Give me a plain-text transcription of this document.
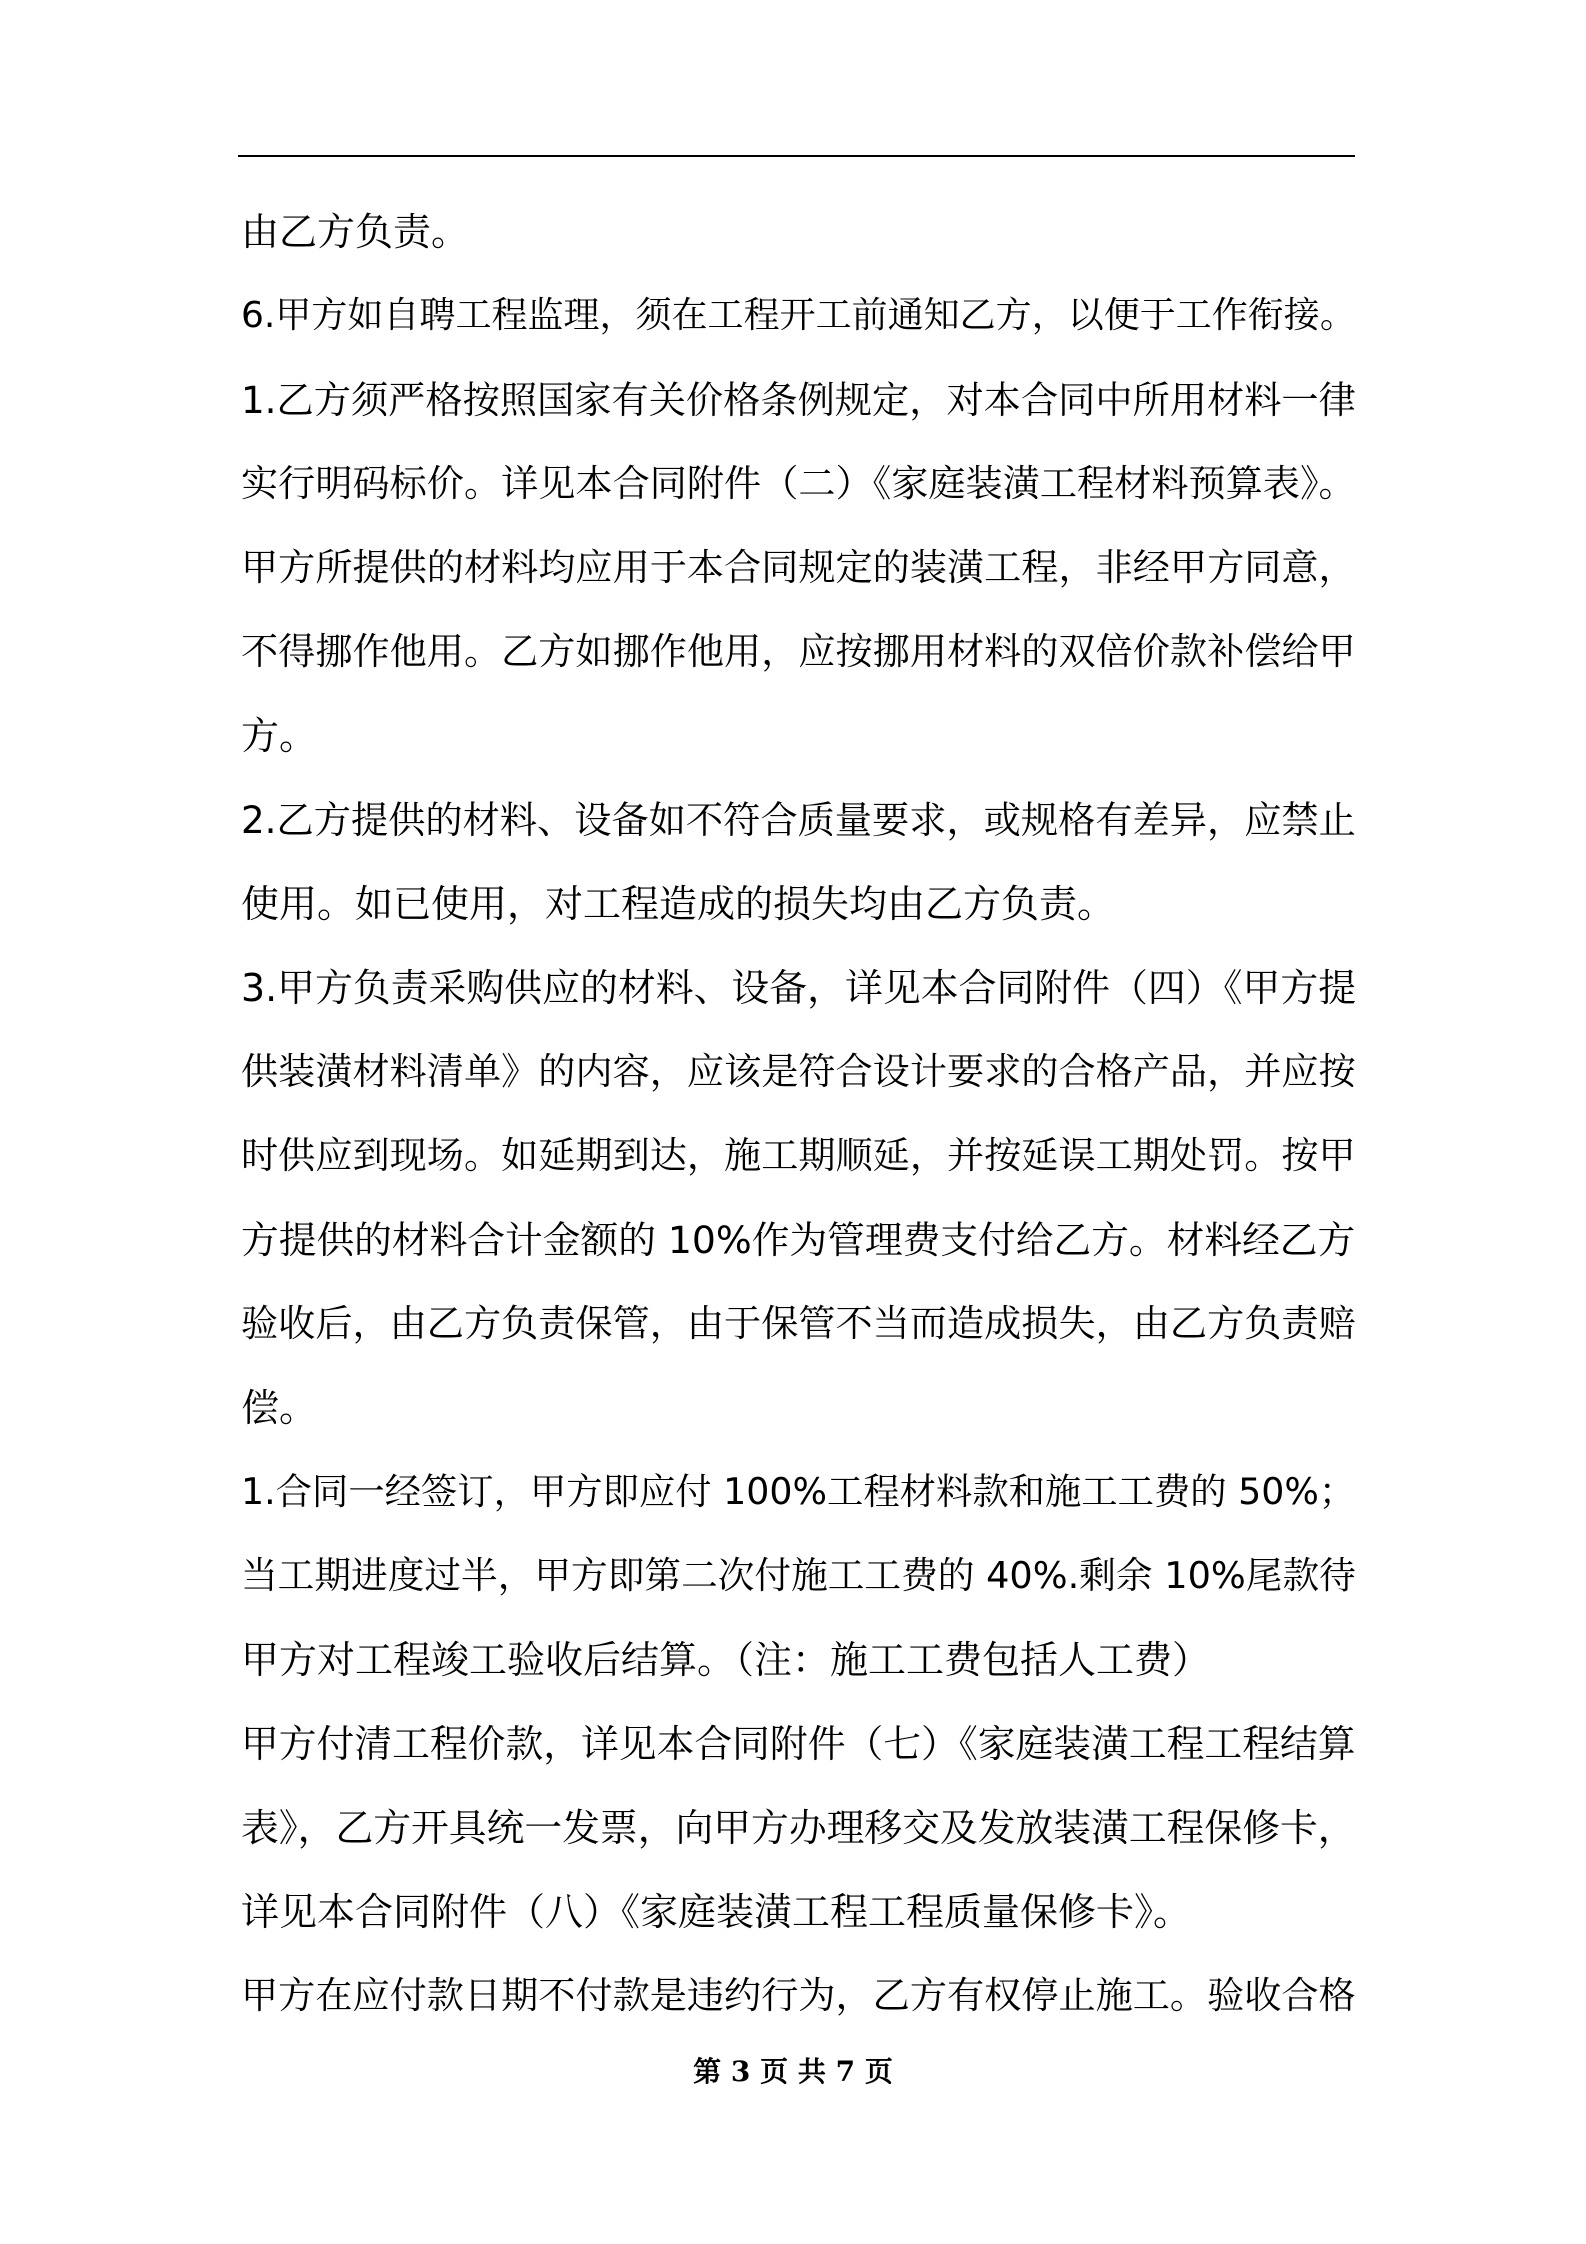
由乙方负责。
6.甲方如自聘工程监理，须在工程开工前通知乙方，以便于工作衔接。
1.乙方须严格按照国家有关价格条例规定，对本合同中所用材料一律
实行明码标价。详见本合同附件（二）《家庭装潢工程材料预算表》。
甲方所提供的材料均应用于本合同规定的装潢工程，非经甲方同意，
不得挪作他用。乙方如挪作他用，应按挪用材料的双倍价款补偿给甲
方。
2.乙方提供的材料、设备如不符合质量要求，或规格有差异，应禁止
使用。如已使用，对工程造成的损失均由乙方负责。
3.甲方负责采购供应的材料、设备，详见本合同附件（四）《甲方提
供装潢材料清单》的内容，应该是符合设计要求的合格产品，并应按
时供应到现场。如延期到达，施工期顺延，并按延误工期处罚。按甲
方提供的材料合计金额的 10%作为管理费支付给乙方。材料经乙方
验收后，由乙方负责保管，由于保管不当而造成损失，由乙方负责赔
偿。
1.合同一经签订，甲方即应付 100%工程材料款和施工工费的 50%；
当工期进度过半，甲方即第二次付施工工费的 40%.剩余 10%尾款待
甲方对工程竣工验收后结算。（注：施工工费包括人工费）
甲方付清工程价款，详见本合同附件（七）《家庭装潢工程工程结算
表》，乙方开具统一发票，向甲方办理移交及发放装潢工程保修卡，
详见本合同附件（八）《家庭装潢工程工程质量保修卡》。
甲方在应付款日期不付款是违约行为，乙方有权停止施工。验收合格
第 3 页 共 7 页
